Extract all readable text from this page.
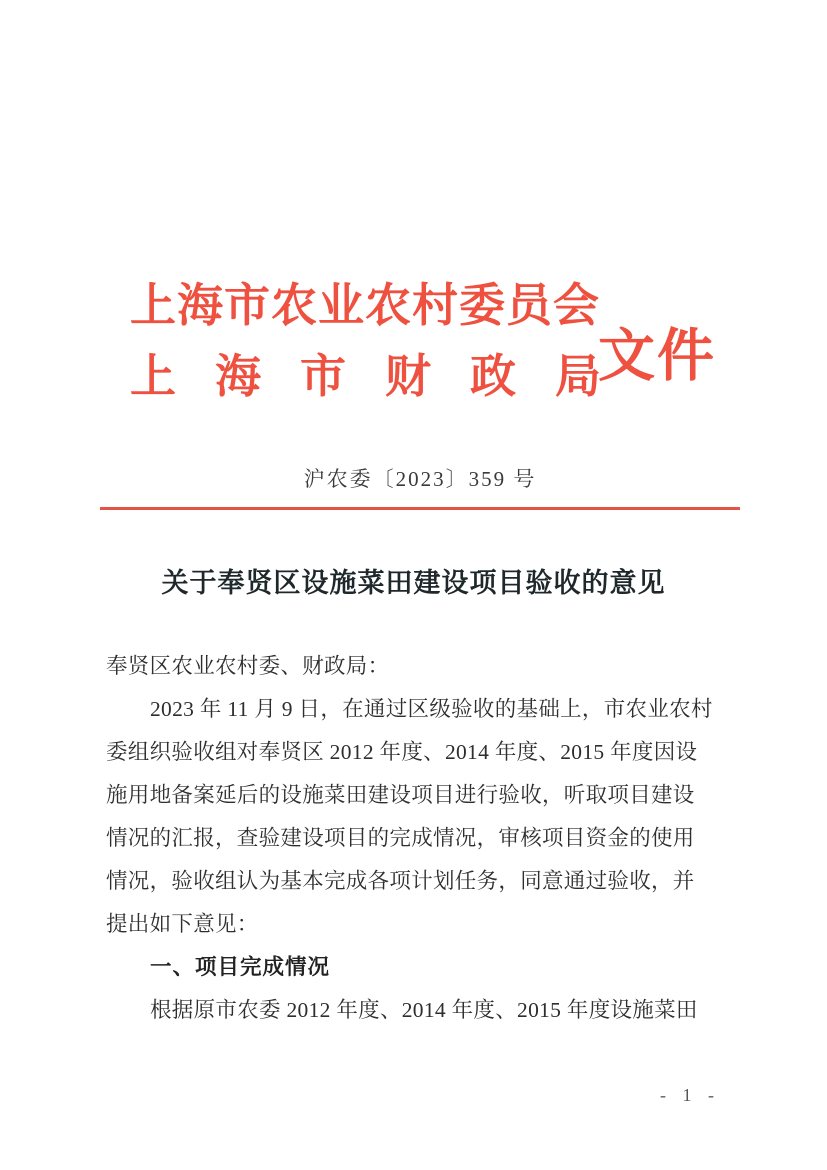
上海市农业农村委员会
上海市财政局
文件
沪农委〔2023〕359 号
关于奉贤区设施菜田建设项目验收的意见
奉贤区农业农村委、财政局：
2023 年 11 月 9 日，在通过区级验收的基础上，市农业农村
委组织验收组对奉贤区 2012 年度、2014 年度、2015 年度因设
施用地备案延后的设施菜田建设项目进行验收，听取项目建设
情况的汇报，查验建设项目的完成情况，审核项目资金的使用
情况，验收组认为基本完成各项计划任务，同意通过验收，并
提出如下意见：
一、项目完成情况
根据原市农委 2012 年度、2014 年度、2015 年度设施菜田
- 1 -
